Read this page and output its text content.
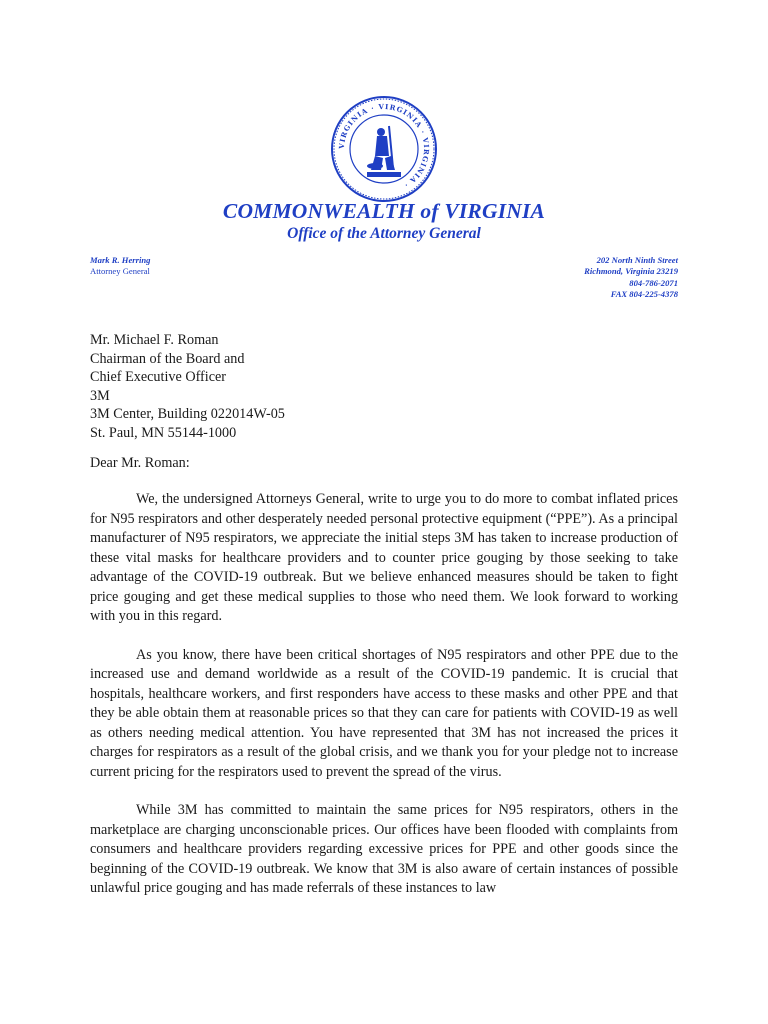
VIRGINIA · VIRGINIA · VIRGINIA ·
COMMONWEALTH of VIRGINIA
Office of the Attorney General
Mark R. Herring
Attorney General
202 North Ninth Street
Richmond, Virginia 23219
804-786-2071
FAX 804-225-4378
Mr. Michael F. Roman
Chairman of the Board and
Chief Executive Officer
3M
3M Center, Building 022014W-05
St. Paul, MN 55144-1000
Dear Mr. Roman:

We, the undersigned Attorneys General, write to urge you to do more to combat inflated prices for N95 respirators and other desperately needed personal protective equipment (“PPE”). As a principal manufacturer of N95 respirators, we appreciate the initial steps 3M has taken to increase production of these vital masks for healthcare providers and to counter price gouging by those seeking to take advantage of the COVID-19 outbreak. But we believe enhanced measures should be taken to fight price gouging and get these medical supplies to those who need them. We look forward to working with you in this regard.

As you know, there have been critical shortages of N95 respirators and other PPE due to the increased use and demand worldwide as a result of the COVID-19 pandemic. It is crucial that hospitals, healthcare workers, and first responders have access to these masks and other PPE and that they be able obtain them at reasonable prices so that they can care for patients with COVID-19 as well as others needing medical attention. You have represented that 3M has not increased the prices it charges for respirators as a result of the global crisis, and we thank you for your pledge not to increase current pricing for the respirators used to prevent the spread of the virus.

While 3M has committed to maintain the same prices for N95 respirators, others in the marketplace are charging unconscionable prices. Our offices have been flooded with complaints from consumers and healthcare providers regarding excessive prices for PPE and other goods since the beginning of the COVID-19 outbreak. We know that 3M is also aware of certain instances of possible unlawful price gouging and has made referrals of these instances to law
